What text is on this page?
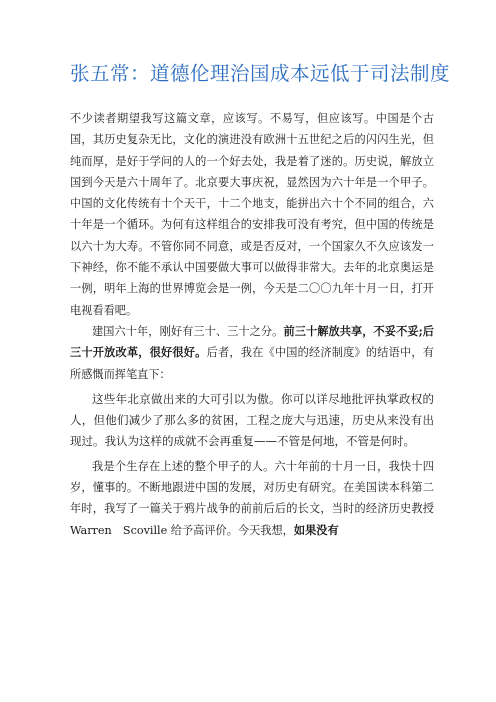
张五常：道德伦理治国成本远低于司法制度

不少读者期望我写这篇文章，应该写。不易写，但应该写。中国是个古国，其历史复杂无比，文化的演进没有欧洲十五世纪之后的闪闪生光，但纯而厚，是好于学问的人的一个好去处，我是着了迷的。历史说，解放立国到今天是六十周年了。北京要大事庆祝，显然因为六十年是一个甲子。中国的文化传统有十个天干，十二个地支，能拼出六十个不同的组合，六十年是一个循环。为何有这样组合的安排我可没有考究，但中国的传统是以六十为大寿。不管你同不同意，或是否反对，一个国家久不久应该发一下神经，你不能不承认中国要做大事可以做得非常大。去年的北京奥运是一例，明年上海的世界博览会是一例，今天是二〇〇九年十月一日，打开电视看看吧。

建国六十年，刚好有三十、三十之分。前三十解放共享，不妥不妥;后三十开放改革，很好很好。后者，我在《中国的经济制度》的结语中，有所感慨而挥笔直下：

这些年北京做出来的大可引以为傲。你可以详尽地批评执掌政权的人，但他们减少了那么多的贫困，工程之庞大与迅速，历史从来没有出现过。我认为这样的成就不会再重复——不管是何地，不管是何时。

我是个生存在上述的整个甲子的人。六十年前的十月一日，我快十四岁，懂事的。不断地跟进中国的发展，对历史有研究。在美国读本科第二年时，我写了一篇关于鸦片战争的前前后后的长文，当时的经济历史教授 Warren　Scoville 给予高评价。今天我想，如果没有
